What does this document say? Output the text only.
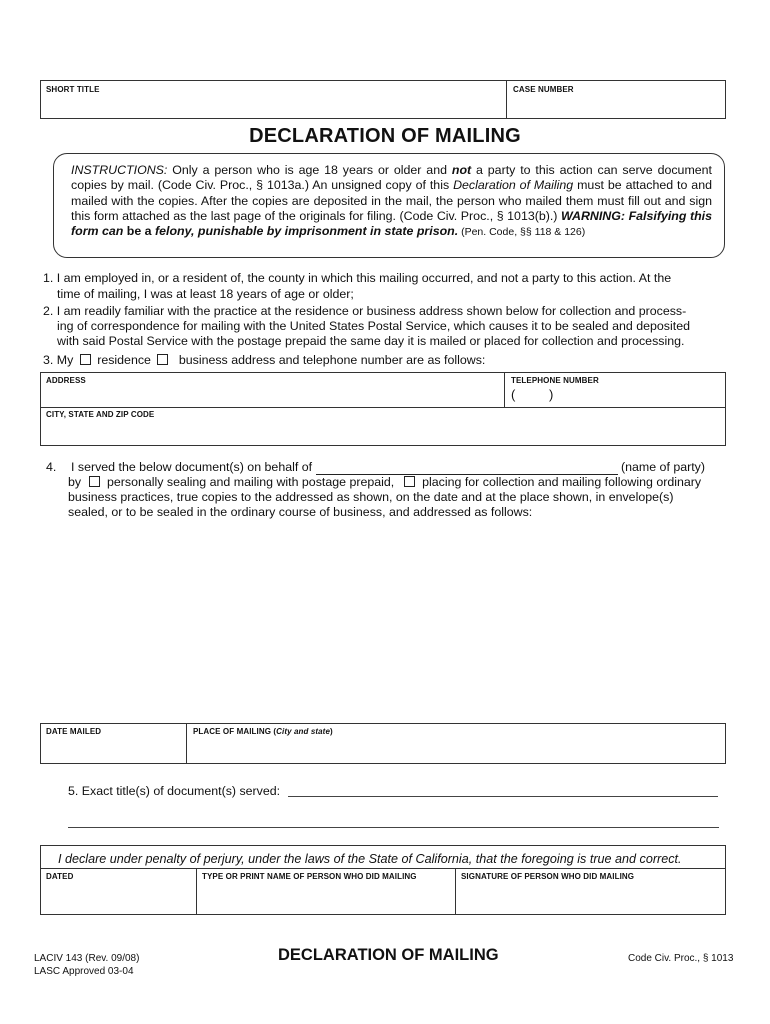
SHORT TITLE	CASE NUMBER
DECLARATION OF MAILING
INSTRUCTIONS: Only a person who is age 18 years or older and not a party to this action can serve document copies by mail. (Code Civ. Proc., § 1013a.) An unsigned copy of this Declaration of Mailing must be attached to and mailed with the copies. After the copies are deposited in the mail, the person who mailed them must fill out and sign this form attached as the last page of the originals for filing. (Code Civ. Proc., § 1013(b).) WARNING: Falsifying this form can be a felony, punishable by imprisonment in state prison. (Pen. Code, §§ 118 & 126)
1. I am employed in, or a resident of, the county in which this mailing occurred, and not a party to this action. At the
time of mailing, I was at least 18 years of age or older;
2. I am readily familiar with the practice at the residence or business address shown below for collection and process-
ing of correspondence for mailing with the United States Postal Service, which causes it to be sealed and deposited
with said Postal Service with the postage prepaid the same day it is mailed or placed for collection and processing.
3. My residence business address and telephone number are as follows:
ADDRESS	TELEPHONE NUMBER
(	)
CITY, STATE AND ZIP CODE
4. I served the below document(s) on behalf of	(name of party)
by personally sealing and mailing with postage prepaid, placing for collection and mailing following ordinary
business practices, true copies to the addressed as shown, on the date and at the place shown, in envelope(s)
sealed, or to be sealed in the ordinary course of business, and addressed as follows:
DATE MAILED	PLACE OF MAILING (City and state)
5. Exact title(s) of document(s) served:
I declare under penalty of perjury, under the laws of the State of California, that the foregoing is true and correct.
DATED	TYPE OR PRINT NAME OF PERSON WHO DID MAILING	SIGNATURE OF PERSON WHO DID MAILING
LACIV 143 (Rev. 09/08)
LASC Approved 03-04
DECLARATION OF MAILING	Code Civ. Proc., § 1013
